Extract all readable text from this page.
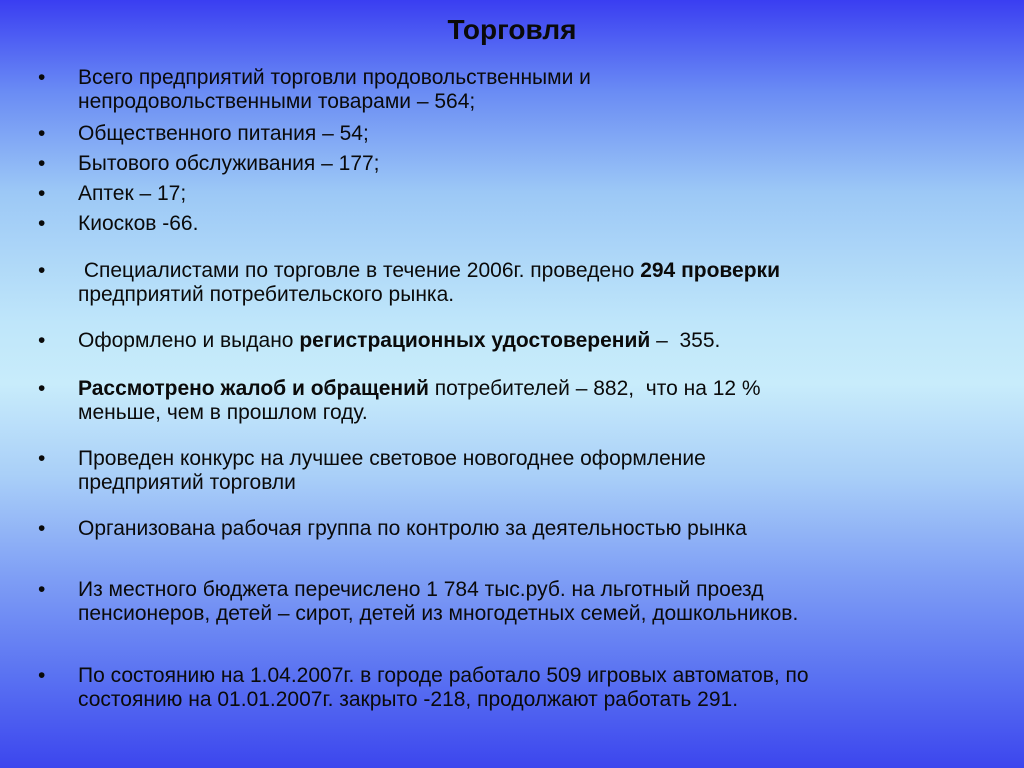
Торговля
•	Всего предприятий торговли продовольственными и
непродовольственными товарами – 564;
•	Общественного питания – 54;
•	Бытового обслуживания – 177;
•	Аптек – 17;
•	Киосков -66.
•	Специалистами по торговле в течение 2006г. проведено 294 проверки
предприятий потребительского рынка.
•	Оформлено и выдано регистрационных удостоверений –  355.
•	Рассмотрено жалоб и обращений потребителей – 882,  что на 12 %
меньше, чем в прошлом году.
•	Проведен конкурс на лучшее световое новогоднее оформление
предприятий торговли
•	Организована рабочая группа по контролю за деятельностью рынка
•	Из местного бюджета перечислено 1 784 тыс.руб. на льготный проезд
пенсионеров, детей – сирот, детей из многодетных семей, дошкольников.
•	По состоянию на 1.04.2007г. в городе работало 509 игровых автоматов, по
состоянию на 01.01.2007г. закрыто -218, продолжают работать 291.
